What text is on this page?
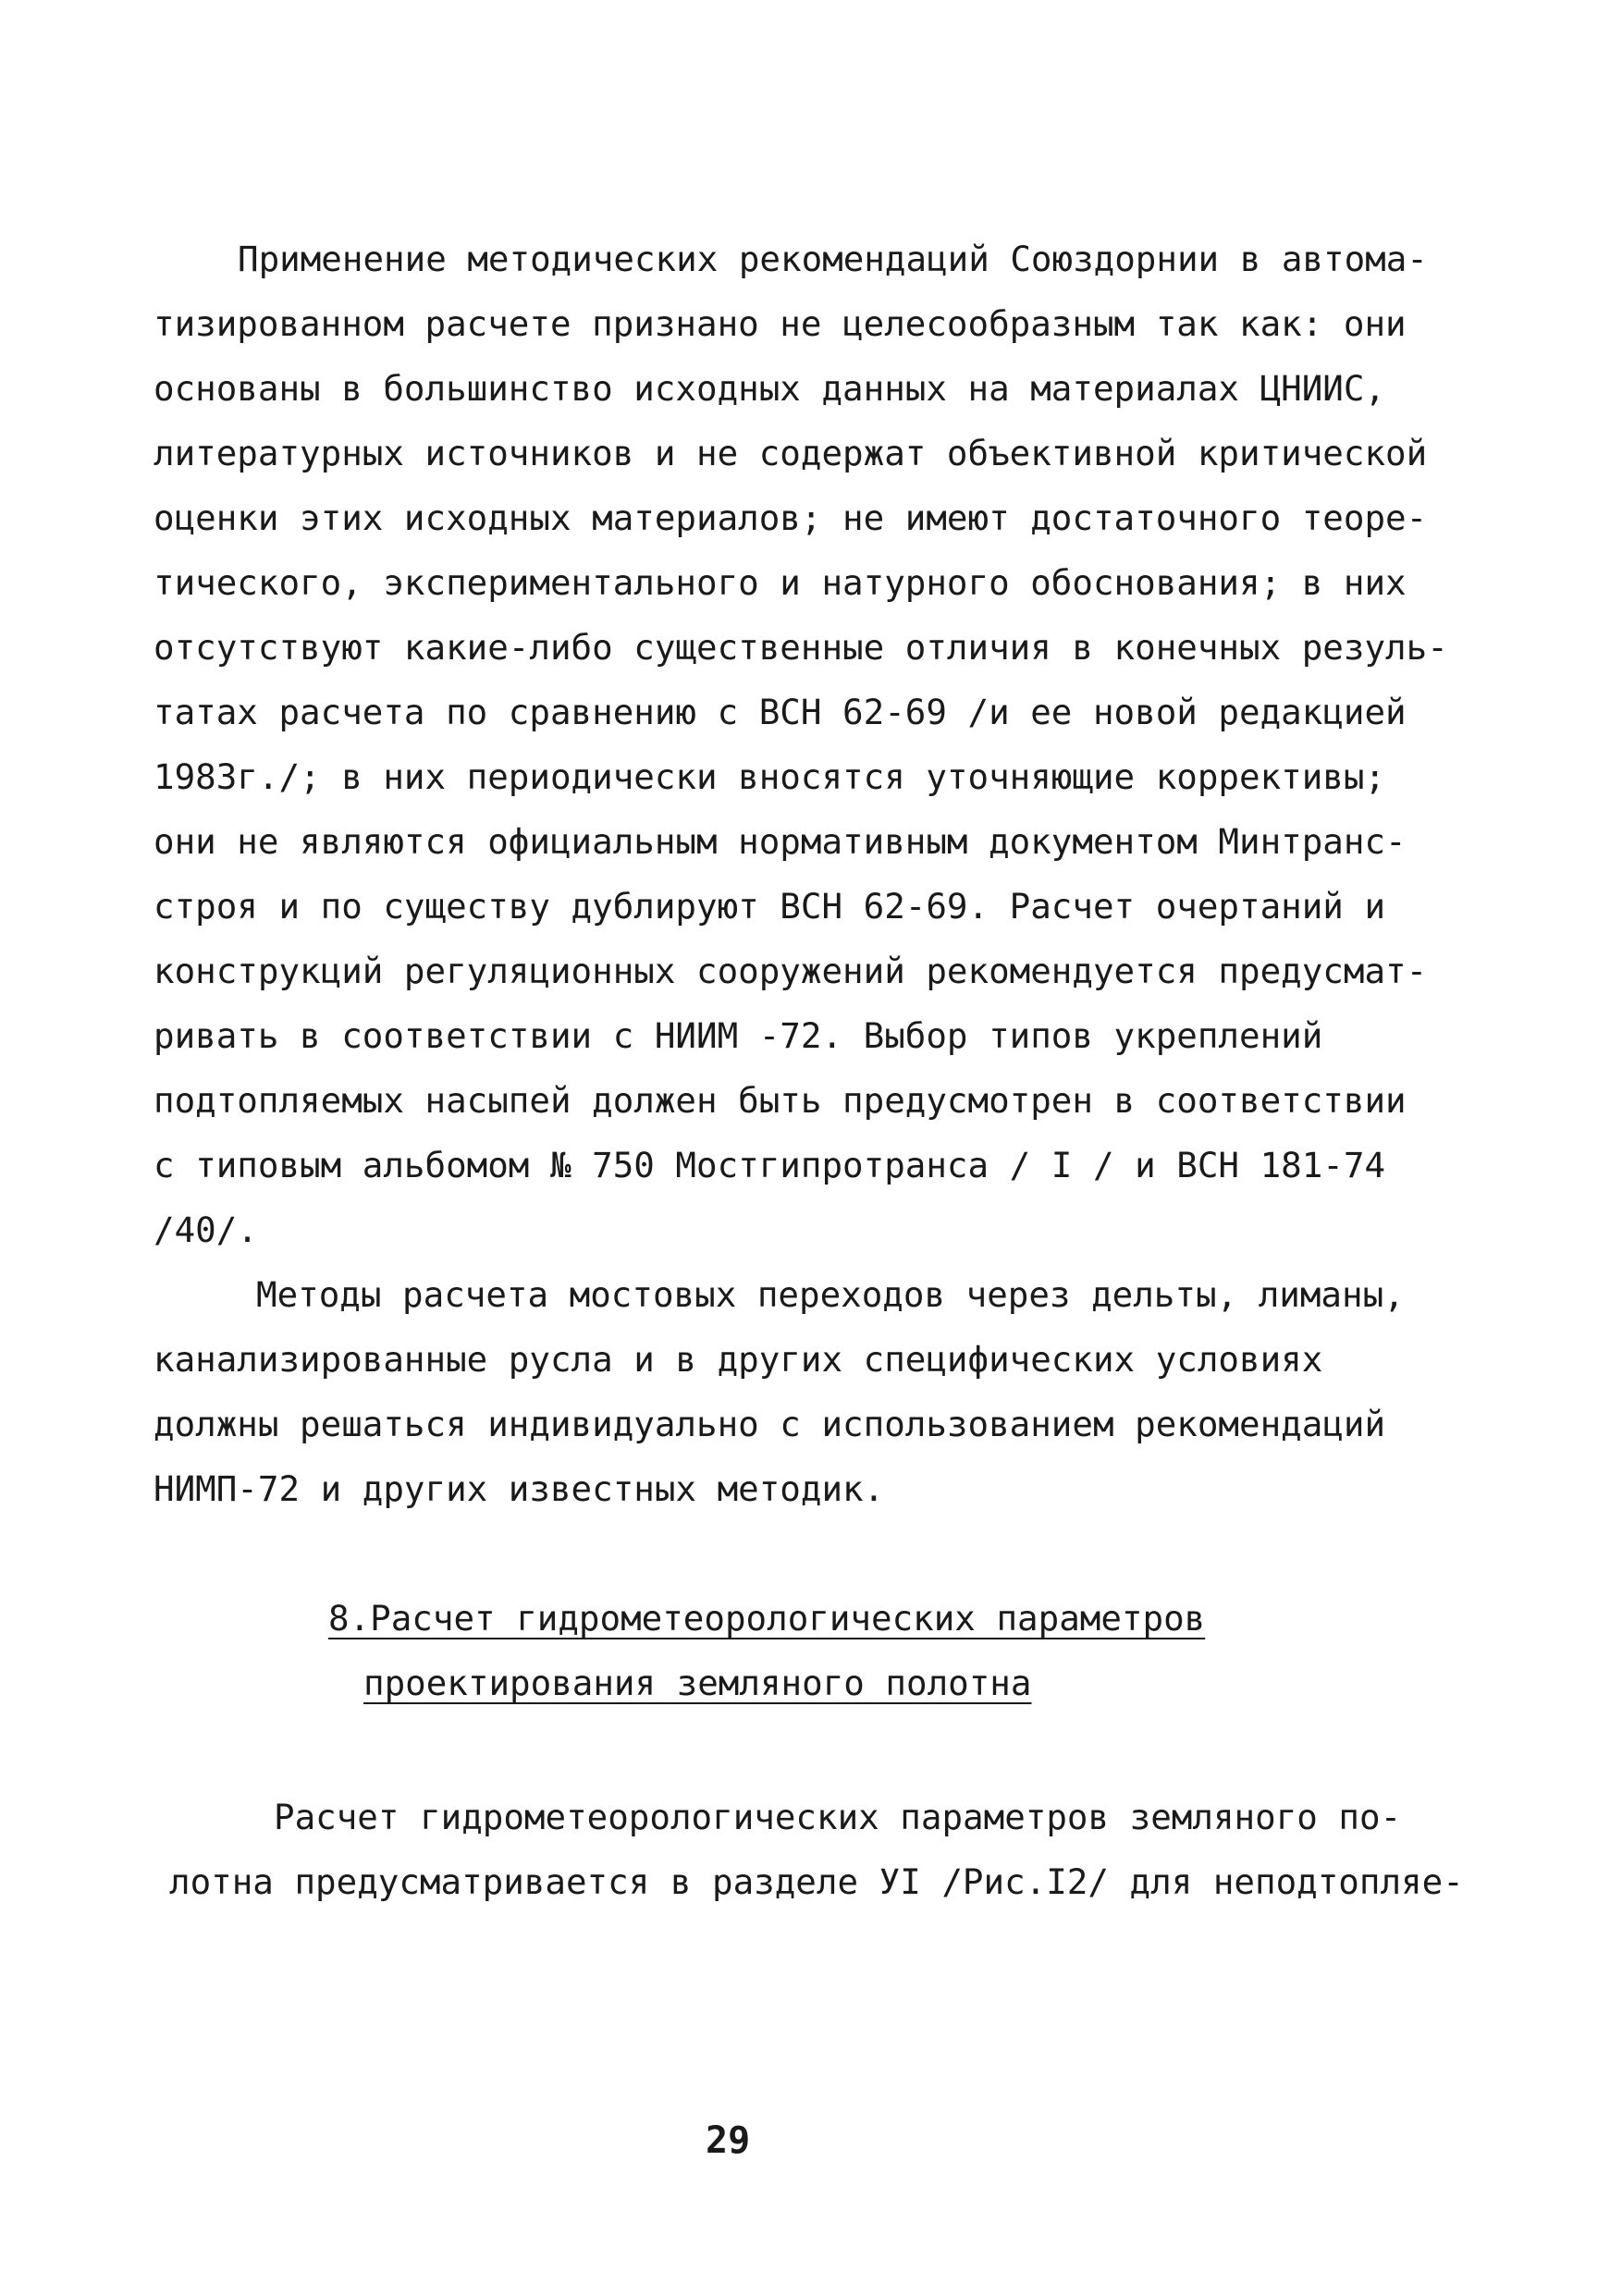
Применение методических рекомендаций Союздорнии в автома-
тизированном расчете признано не целесообразным так как: они
основаны в большинство исходных данных на материалах ЦНИИС,
литературных источников и не содержат объективной критической
оценки этих исходных материалов; не имеют достаточного теоре-
тического, экспериментального и натурного обоснования; в них
отсутствуют какие-либо существенные отличия в конечных резуль-
татах расчета по сравнению с ВСН 62-69 /и ее новой редакцией
1983г./; в них периодически вносятся уточняющие коррективы;
они не являются официальным нормативным документом Минтранс-
строя и по существу дублируют ВСН 62-69. Расчет очертаний и
конструкций регуляционных сооружений рекомендуется предусмат-
ривать в соответствии с НИИМ -72. Выбор типов укреплений
подтопляемых насыпей должен быть предусмотрен в соответствии
с типовым альбомом № 750 Мостгипротранса / I / и ВСН 181-74
/40/.
Методы расчета мостовых переходов через дельты, лиманы,
канализированные русла и в других специфических условиях
должны решаться индивидуально с использованием рекомендаций
НИМП-72 и других известных методик.
8.Расчет гидрометеорологических параметров
проектирования земляного полотна
Расчет гидрометеорологических параметров земляного по-
лотна предусматривается в разделе УI /Рис.I2/ для неподтопляе-
29
